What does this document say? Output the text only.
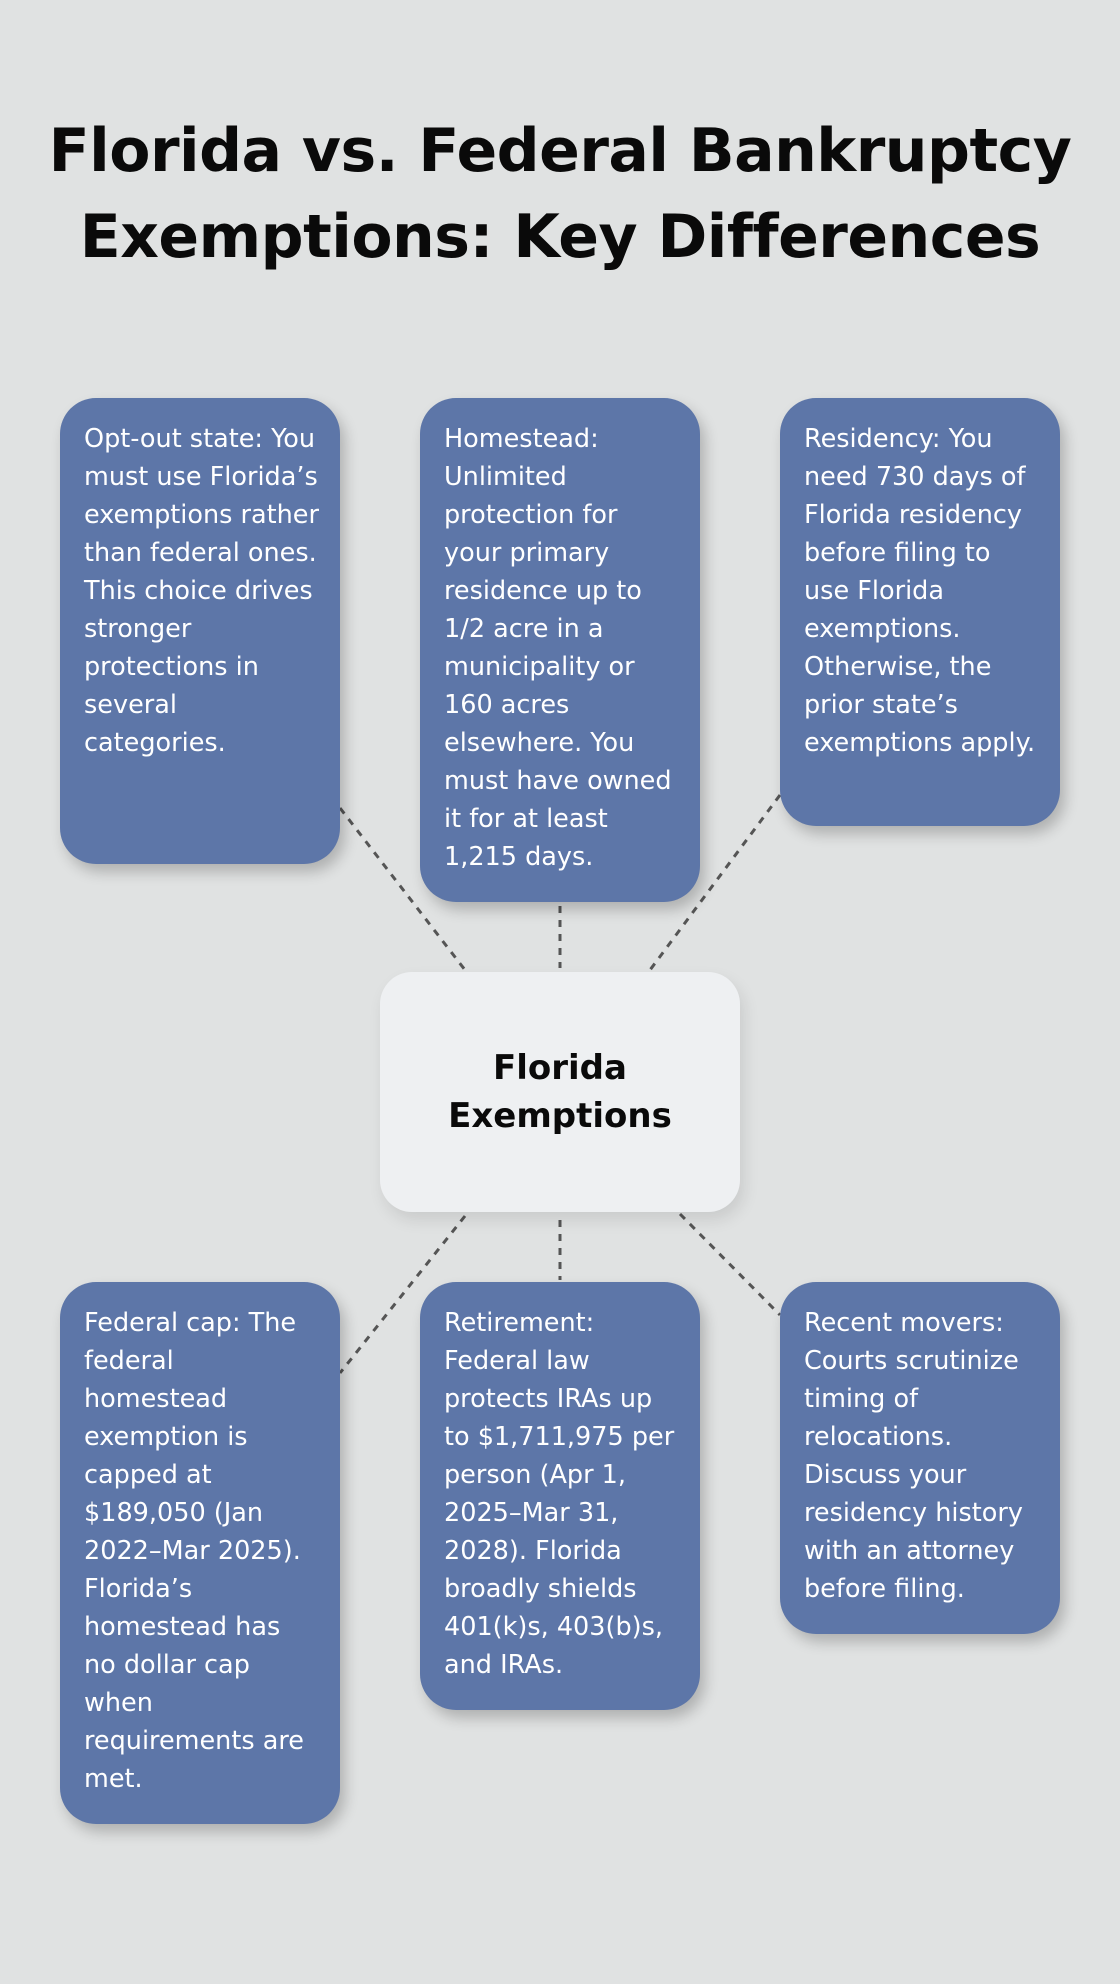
Florida vs. Federal Bankruptcy Exemptions: Key Differences
Opt-out state: You must use Florida’s exemptions rather than federal ones. This choice drives stronger protections in several categories.
Homestead: Unlimited protection for your primary residence up to 1/2 acre in a municipality or 160 acres elsewhere. You must have owned it for at least 1,215 days.
Residency: You need 730 days of Florida residency before filing to use Florida exemptions. Otherwise, the prior state’s exemptions apply.
Florida Exemptions
Federal cap: The federal homestead exemption is capped at $189,050 (Jan 2022–Mar 2025). Florida’s homestead has no dollar cap when requirements are met.
Retirement: Federal law protects IRAs up to $1,711,975 per person (Apr 1, 2025–Mar 31, 2028). Florida broadly shields 401(k)s, 403(b)s, and IRAs.
Recent movers: Courts scrutinize timing of relocations. Discuss your residency history with an attorney before filing.
